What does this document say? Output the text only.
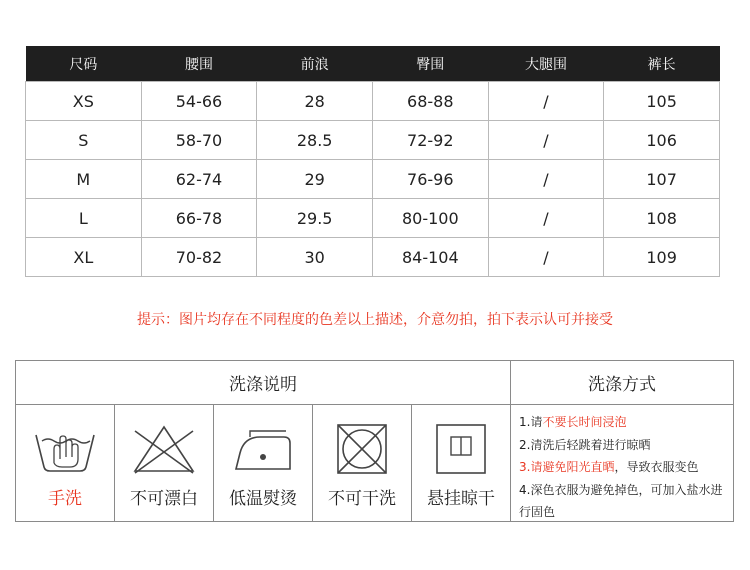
尺码	腰围	前浪	臀围	大腿围	裤长
XS	54-66	28	68-88	/	105
S	58-70	28.5	72-92	/	106
M	62-74	29	76-96	/	107
L	66-78	29.5	80-100	/	108
XL	70-82	30	84-104	/	109
提示：图片均存在不同程度的色差以上描述，介意勿拍，拍下表示认可并接受
洗涤说明	洗涤方式
手洗	不可漂白	低温熨烫	不可干洗	悬挂晾干
1.请不要长时间浸泡
2.清洗后轻跳着进行晾晒
3.请避免阳光直晒，导致衣服变色
4.深色衣服为避免掉色，可加入盐水进行固色
